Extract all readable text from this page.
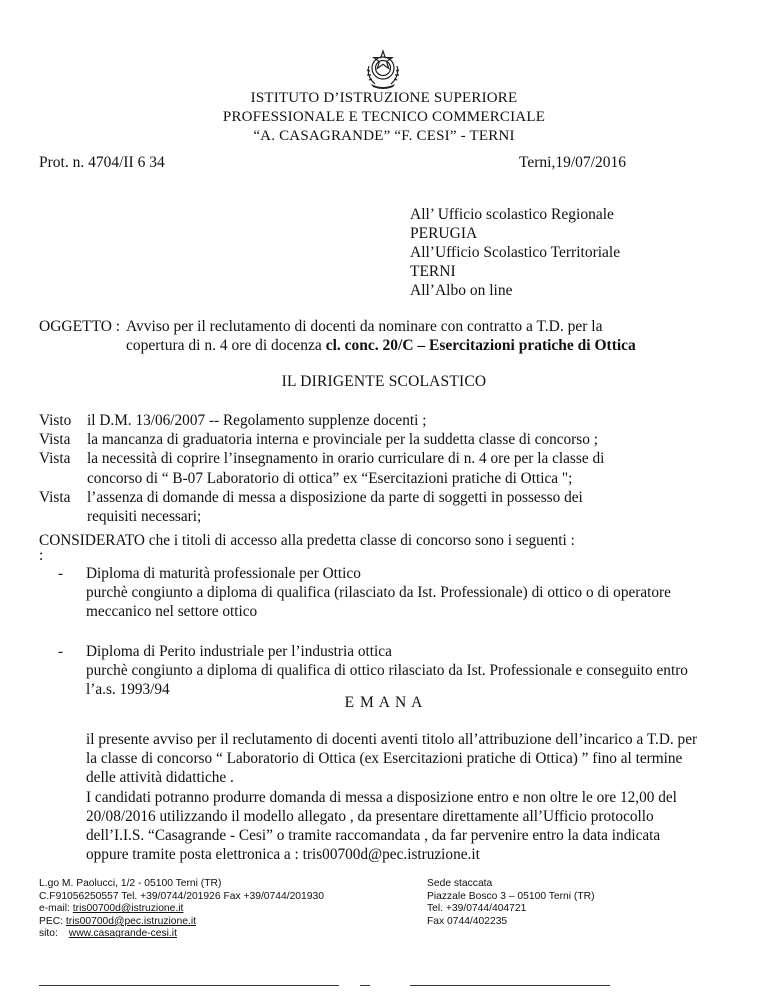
ISTITUTO D’ISTRUZIONE SUPERIORE
PROFESSIONALE E TECNICO COMMERCIALE
“A. CASAGRANDE” “F. CESI” - TERNI
Prot. n. 4704/II 6 34	Terni,19/07/2016
All’ Ufficio scolastico Regionale
PERUGIA
All’Ufficio Scolastico Territoriale
TERNI
All’Albo on line
OGGETTO : Avviso per il reclutamento di docenti da nominare con contratto a T.D. per la
copertura di n. 4 ore di docenza cl. conc. 20/C – Esercitazioni pratiche di Ottica
IL DIRIGENTE SCOLASTICO
Visto	il D.M. 13/06/2007 -- Regolamento supplenze docenti ;
Vista	la mancanza di graduatoria interna e provinciale per la suddetta classe di concorso ;
Vista	la necessità di coprire l’insegnamento in orario curriculare di n. 4 ore per la classe di
concorso di “ B-07 Laboratorio di ottica” ex “Esercitazioni pratiche di Ottica ";
Vista	l’assenza di domande di messa a disposizione da parte di soggetti in possesso dei
requisiti necessari;
CONSIDERATO che i titoli di accesso alla predetta classe di concorso sono i seguenti :
:
-	Diploma di maturità professionale per Ottico
purchè congiunto a diploma di qualifica (rilasciato da Ist. Professionale) di ottico o di operatore
meccanico nel settore ottico
-	Diploma di Perito industriale per l’industria ottica
purchè congiunto a diploma di qualifica di ottico rilasciato da Ist. Professionale e conseguito entro
l’a.s. 1993/94
E M A N A
il presente avviso per il reclutamento di docenti aventi titolo all’attribuzione dell’incarico a T.D. per
la classe di concorso “ Laboratorio di Ottica (ex Esercitazioni pratiche di Ottica) ” fino al termine
delle attività didattiche .
I candidati potranno produrre domanda di messa a disposizione entro e non oltre le ore 12,00 del
20/08/2016 utilizzando il modello allegato , da presentare direttamente all’Ufficio protocollo
dell’I.I.S. “Casagrande - Cesi” o tramite raccomandata , da far pervenire entro la data indicata
oppure tramite posta elettronica a : tris00700d@pec.istruzione.it
L.go M. Paolucci, 1/2 - 05100 Terni (TR)
C.F91056250557 Tel. +39/0744/201926 Fax +39/0744/201930
e-mail: tris00700d@istruzione.it
PEC: tris00700d@pec.istruzione.it
sito: www.casagrande-cesi.it
Sede staccata
Piazzale Bosco 3 – 05100 Terni (TR)
Tel. +39/0744/404721
Fax 0744/402235
